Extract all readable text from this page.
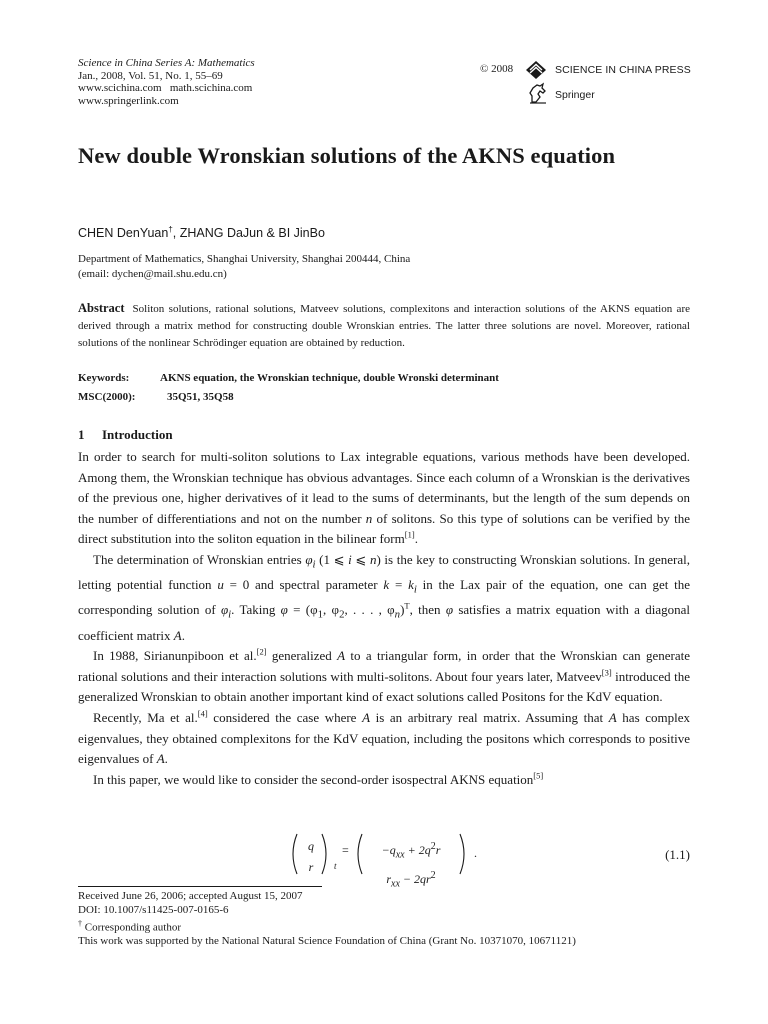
Science in China Series A: Mathematics
Jan., 2008, Vol. 51, No. 1, 55–69
www.scichina.com   math.scichina.com
www.springerlink.com
© 2008	SCIENCE IN CHINA PRESS
Springer
New double Wronskian solutions of the AKNS equation
CHEN DenYuan†, ZHANG DaJun & BI JinBo
Department of Mathematics, Shanghai University, Shanghai 200444, China
(email: dychen@mail.shu.edu.cn)
Abstract Soliton solutions, rational solutions, Matveev solutions, complexitons and interaction solutions of the AKNS equation are derived through a matrix method for constructing double Wronskian entries. The latter three solutions are novel. Moreover, rational solutions of the nonlinear Schrödinger equation are obtained by reduction.
Keywords:	AKNS equation, the Wronskian technique, double Wronski determinant
MSC(2000):	35Q51, 35Q58
1 Introduction

In order to search for multi-soliton solutions to Lax integrable equations, various methods have been developed. Among them, the Wronskian technique has obvious advantages. Since each column of a Wronskian is the derivatives of the previous one, higher derivatives of it lead to the sums of determinants, but the length of the sum depends on the number of differentiations and not on the number n of solitons. So this type of solutions can be verified by the direct substitution into the soliton equation in the bilinear form[1].

The determination of Wronskian entries $\varphi_i$ (1 ⩽ i ⩽ n) is the key to constructing Wronskian solutions. In general, letting potential function u = 0 and spectral parameter $k = k_i$ in the Lax pair of the equation, one can get the corresponding solution of $\varphi_i$. Taking $\varphi = (\varphi_1$, $\varphi_2$, . . . , $\varphi_n)^T$, then φ satisfies a matrix equation with a diagonal coefficient matrix A.

In 1988, Sirianunpiboon et al.[2] generalized A to a triangular form, in order that the Wronskian can generate rational solutions and their interaction solutions with multi-solitons. About four years later, Matveev[3] introduced the generalized Wronskian to obtain another important kind of exact solutions called Positons for the KdV equation.

Recently, Ma et al.[4] considered the case where A is an arbitrary real matrix. Assuming that A has complex eigenvalues, they obtained complexitons for the KdV equation, including the positons which corresponds to positive eigenvalues of A.

In this paper, we would like to consider the second-order isospectral AKNS equation[5]

q
r	t
=	$-q_{xx} + 2q^2r$
$r_{xx} - 2qr^2$
.	(1.1)
Received June 26, 2006; accepted August 15, 2007
DOI: 10.1007/s11425-007-0165-6
† Corresponding author
This work was supported by the National Natural Science Foundation of China (Grant No. 10371070, 10671121)
